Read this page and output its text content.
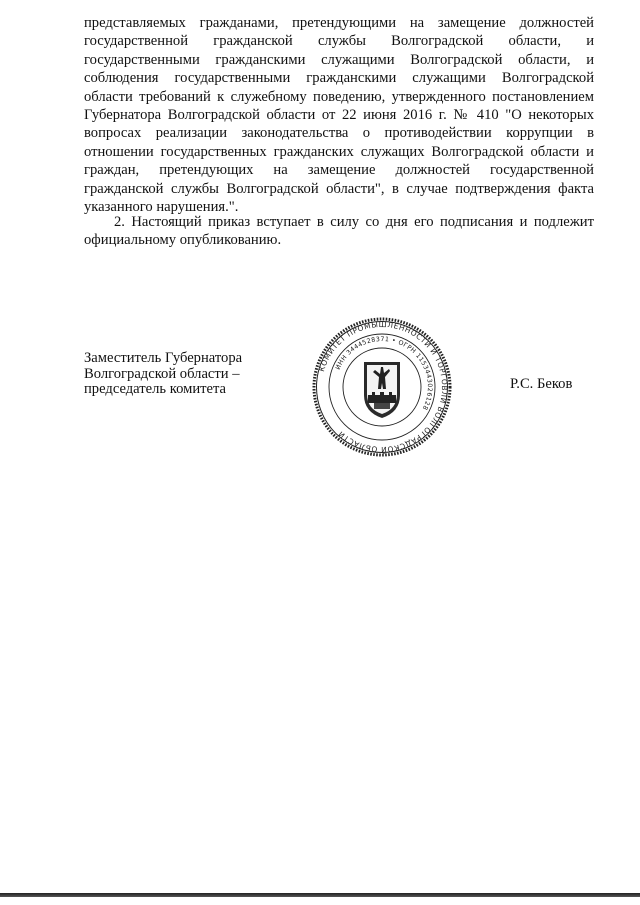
представляемых гражданами, претендующими на замещение должностей государственной гражданской службы Волгоградской области, и государственными гражданскими служащими Волгоградской области, и соблюдения государственными гражданскими служащими Волгоградской области требований к служебному поведению, утвержденного постановлением Губернатора Волгоградской области от 22 июня 2016 г. № 410 "О некоторых вопросах реализации законодательства о противодействии коррупции в отношении государственных гражданских служащих Волгоградской области и граждан, претендующих на замещение должностей государственной гражданской службы Волгоградской области", в случае подтверждения факта указанного нарушения.".

2. Настоящий приказ вступает в силу со дня его подписания и подлежит официальному опубликованию.

Заместитель Губернатора
Волгоградской области –
председатель комитета
КОМИТЕТ ПРОМЫШЛЕННОСТИ И ТОРГОВЛИ ВОЛГОГРАДСКОЙ ОБЛАСТИ
ИНН 3444528371 • ОГРН 1153443026128
Р.С. Беков
